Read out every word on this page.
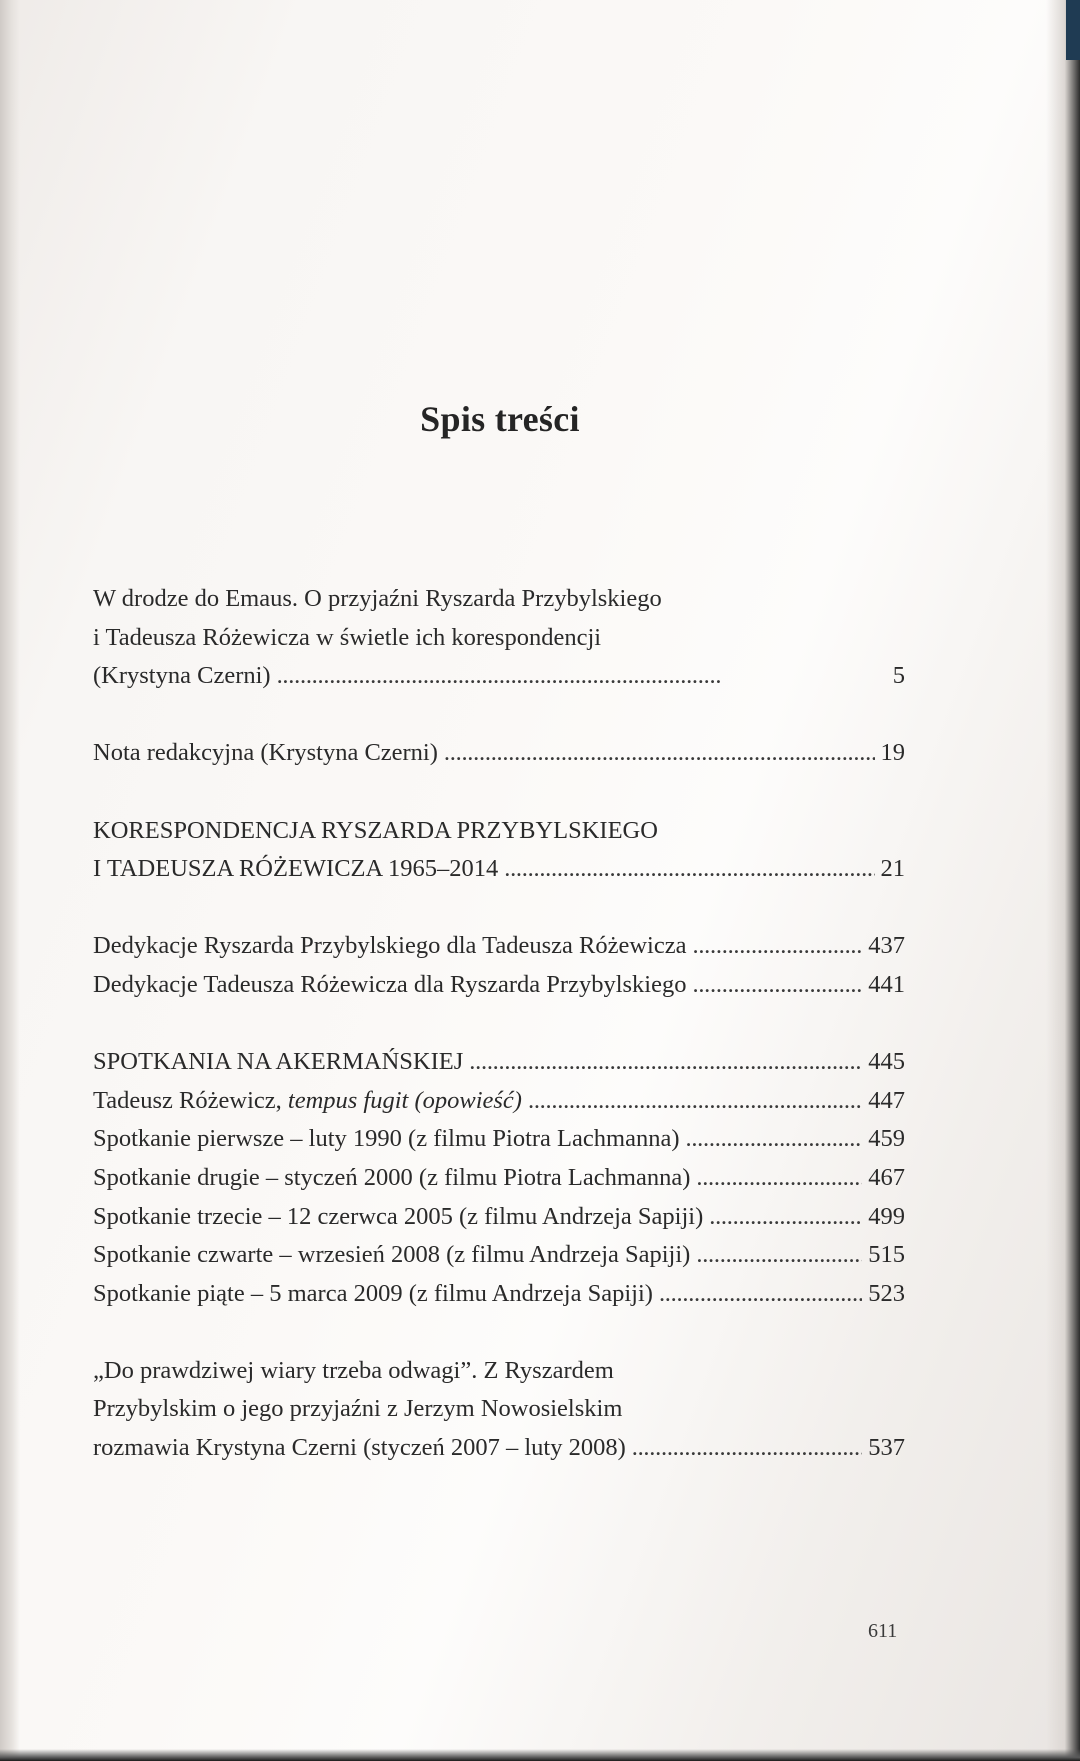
Spis treści
W drodze do Emaus. O przyjaźni Ryszarda Przybylskiego
i Tadeusza Różewicza w świetle ich korespondencji
(Krystyna Czerni) . . .	5
Nota redakcyjna (Krystyna Czerni) . . .	19
KORESPONDENCJA RYSZARDA PRZYBYLSKIEGO
I TADEUSZA RÓŻEWICZA 1965–2014 . . .	21
Dedykacje Ryszarda Przybylskiego dla Tadeusza Różewicza . . .	437
Dedykacje Tadeusza Różewicza dla Ryszarda Przybylskiego . . .	441
SPOTKANIA NA AKERMAŃSKIEJ . . .	445
Tadeusz Różewicz, tempus fugit (opowieść) . . .	447
Spotkanie pierwsze – luty 1990 (z filmu Piotra Lachmanna) . . .	459
Spotkanie drugie – styczeń 2000 (z filmu Piotra Lachmanna) . . .	467
Spotkanie trzecie – 12 czerwca 2005 (z filmu Andrzeja Sapiji) . . .	499
Spotkanie czwarte – wrzesień 2008 (z filmu Andrzeja Sapiji) . . .	515
Spotkanie piąte – 5 marca 2009 (z filmu Andrzeja Sapiji) . . .	523
„Do prawdziwej wiary trzeba odwagi”. Z Ryszardem
Przybylskim o jego przyjaźni z Jerzym Nowosielskim
rozmawia Krystyna Czerni (styczeń 2007 – luty 2008) . . .	537
611
